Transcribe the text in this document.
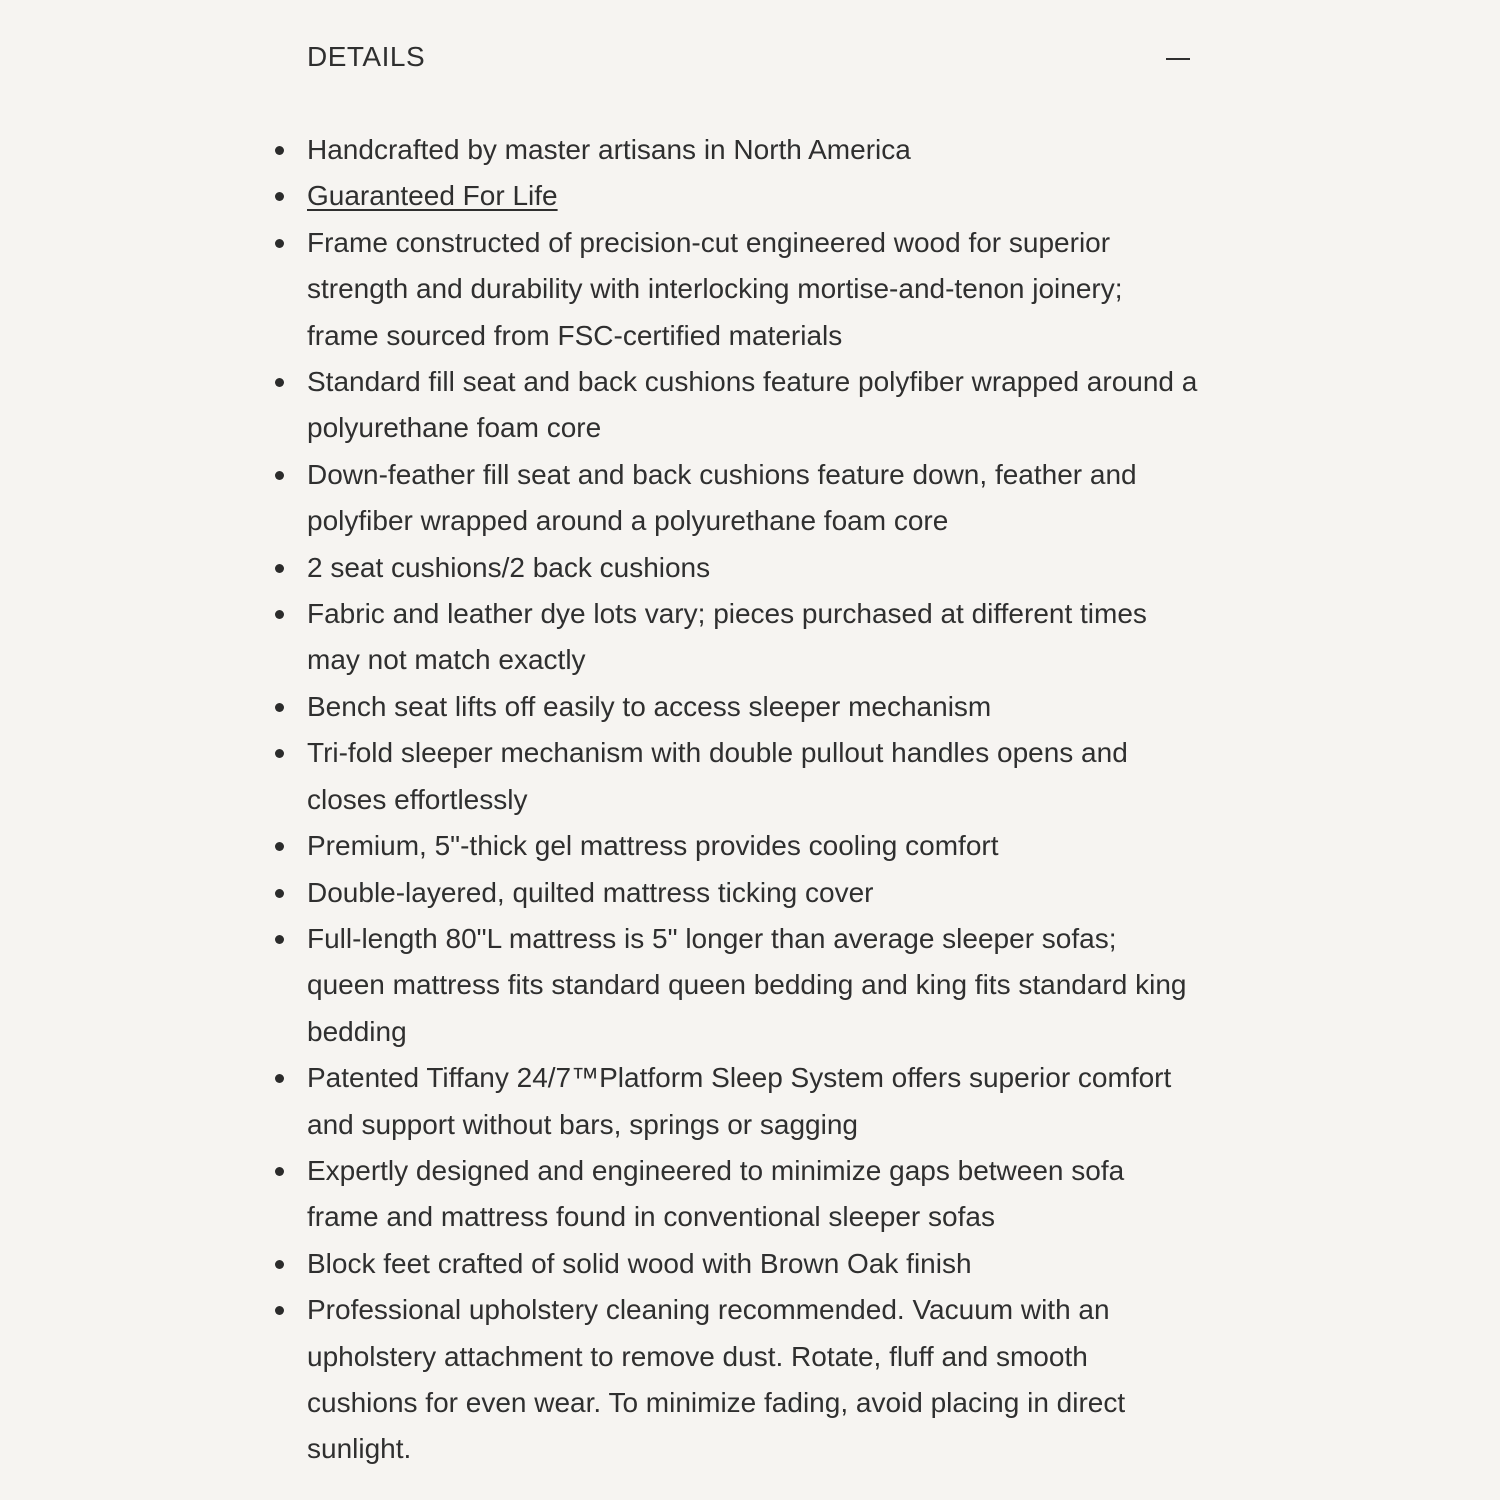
DETAILS
Handcrafted by master artisans in North America
Guaranteed For Life
Frame constructed of precision-cut engineered wood for superior strength and durability with interlocking mortise-and-tenon joinery; frame sourced from FSC-certified materials
Standard fill seat and back cushions feature polyfiber wrapped around a polyurethane foam core
Down-feather fill seat and back cushions feature down, feather and polyfiber wrapped around a polyurethane foam core
2 seat cushions/2 back cushions
Fabric and leather dye lots vary; pieces purchased at different times may not match exactly
Bench seat lifts off easily to access sleeper mechanism
Tri-fold sleeper mechanism with double pullout handles opens and closes effortlessly
Premium, 5"-thick gel mattress provides cooling comfort
Double-layered, quilted mattress ticking cover
Full-length 80"L mattress is 5" longer than average sleeper sofas; queen mattress fits standard queen bedding and king fits standard king bedding
Patented Tiffany 24/7™Platform Sleep System offers superior comfort and support without bars, springs or sagging
Expertly designed and engineered to minimize gaps between sofa frame and mattress found in conventional sleeper sofas
Block feet crafted of solid wood with Brown Oak finish
Professional upholstery cleaning recommended. Vacuum with an upholstery attachment to remove dust. Rotate, fluff and smooth cushions for even wear. To minimize fading, avoid placing in direct sunlight.
